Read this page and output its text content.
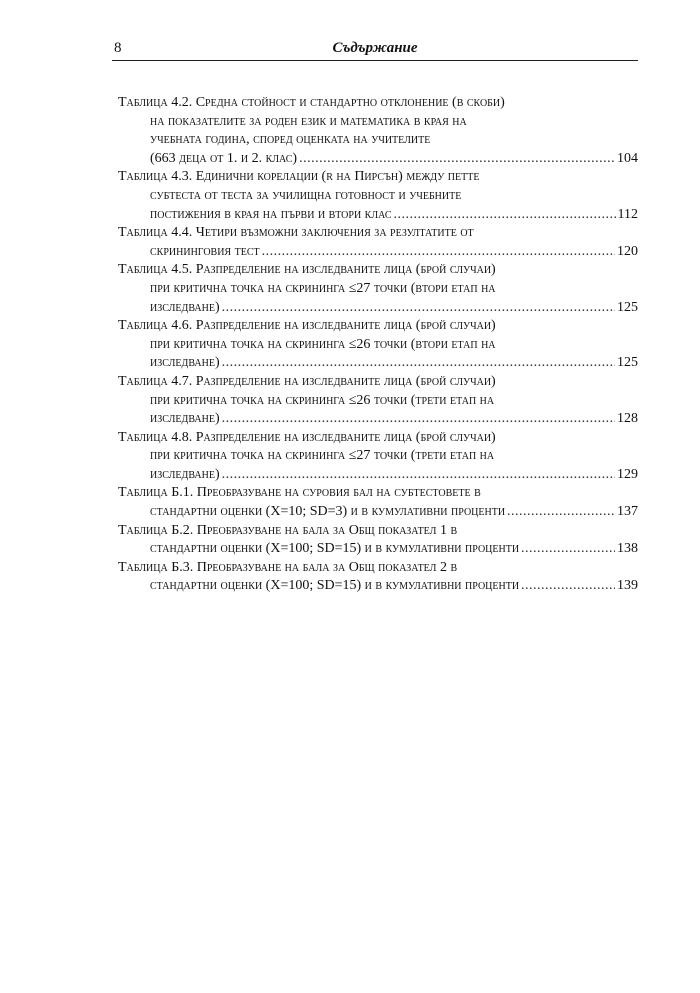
8	Съдържание
Таблица 4.2. Средна стойност и стандартно отклонение (в скоби)
на показателите за роден език и математика в края на
учебната година, според оценката на учителите
(663 деца от 1. и 2. клас) .....	104
Таблица 4.3. Единични корелации (r на Пирсън) между петте
субтеста от теста за училищна готовност и учебните
постижения в края на първи и втори клас .....	112
Таблица 4.4. Четири възможни заключения за резултатите от
скрининговия тест .....	120
Таблица 4.5. Разпределение на изследваните лица (брой случаи)
при критична точка на скрининга ≤27 точки (втори етап на
изследване) .....	125
Таблица 4.6. Разпределение на изследваните лица (брой случаи)
при критична точка на скрининга ≤26 точки (втори етап на
изследване) .....	125
Таблица 4.7. Разпределение на изследваните лица (брой случаи)
при критична точка на скрининга ≤26 точки (трети етап на
изследване) .....	128
Таблица 4.8. Разпределение на изследваните лица (брой случаи)
при критична точка на скрининга ≤27 точки (трети етап на
изследване) .....	129
Таблица Б.1. Преобразуване на суровия бал на субтестовете в
стандартни оценки (X=10; SD=3) и в кумулативни проценти .....	137
Таблица Б.2. Преобразуване на бала за Общ показател 1 в
стандартни оценки (X=100; SD=15) и в кумулативни проценти .....	138
Таблица Б.3. Преобразуване на бала за Общ показател 2 в
стандартни оценки (X=100; SD=15) и в кумулативни проценти .....	139
